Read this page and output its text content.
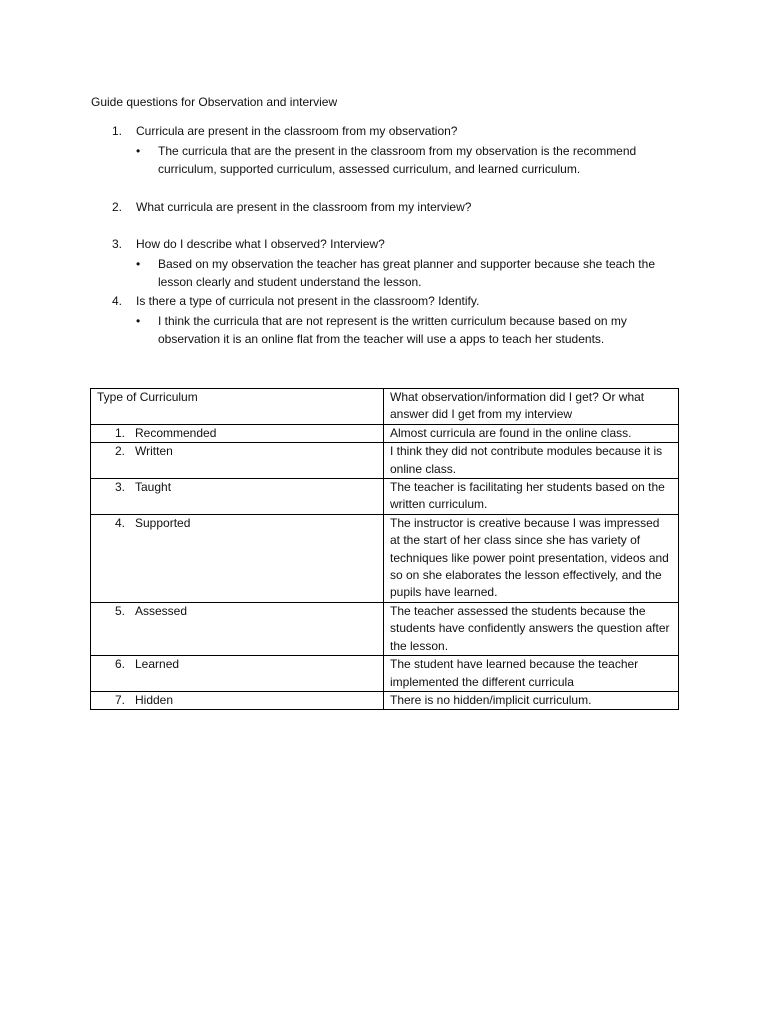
Guide questions for Observation and interview
1.	Curricula are present in the classroom from my observation?
• The curricula that are the present in the classroom from my observation is the recommend curriculum, supported curriculum, assessed curriculum, and learned curriculum.
2.	What curricula are present in the classroom from my interview?
3.	How do I describe what I observed? Interview?
• Based on my observation the teacher has great planner and supporter because she teach the lesson clearly and student understand the lesson.
4.	Is there a type of curricula not present in the classroom? Identify.
• I think the curricula that are not represent is the written curriculum because based on my observation it is an online flat from the teacher will use a apps to teach her students.
Type of Curriculum	What observation/information did I get? Or what answer did I get from my interview
1. Recommended	Almost curricula are found in the online class.
2. Written	I think they did not contribute modules because it is online class.
3. Taught	The teacher is facilitating her students based on the written curriculum.
4. Supported	The instructor is creative because I was impressed at the start of her class since she has variety of techniques like power point presentation, videos and so on she elaborates the lesson effectively, and the pupils have learned.
5. Assessed	The teacher assessed the students because the students have confidently answers the question after the lesson.
6. Learned	The student have learned because the teacher implemented the different curricula
7. Hidden	There is no hidden/implicit curriculum.
